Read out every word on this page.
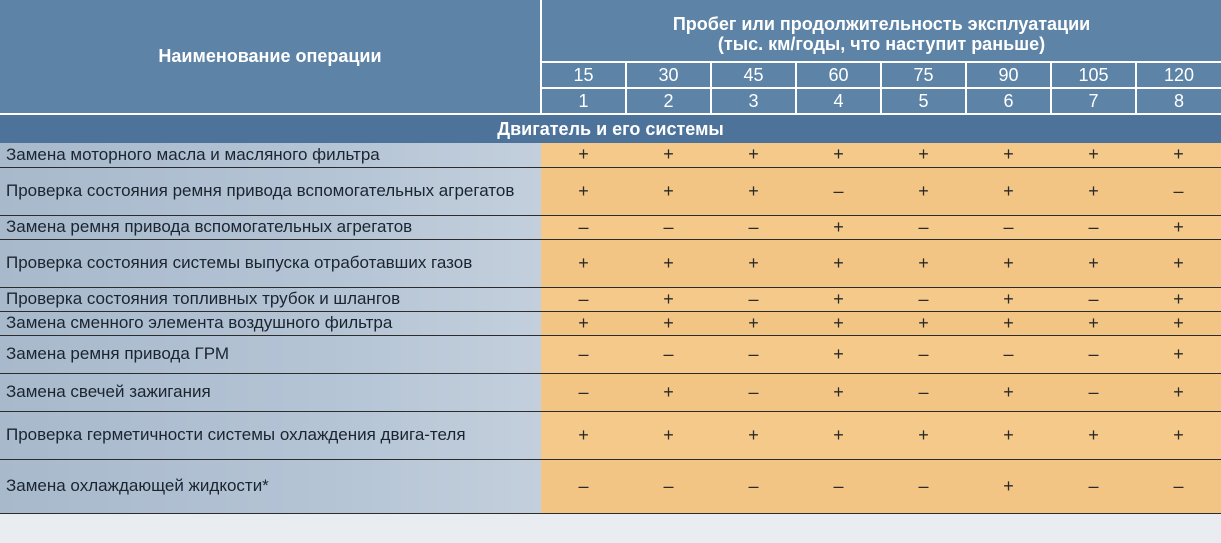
Наименование операции	Пробег или продолжительность эксплуатации
(тыс. км/годы, что наступит раньше)							

	15	30	45	60	75	90	105	120
	1	2	3	4	5	6	7	8
Двигатель и его системы								
Замена моторного масла и масляного фильтра	+	+	+	+	+	+	+	+
Проверка состояния ремня привода вспомогательных агрегатов	+	+	+	–	+	+	+	–
Замена ремня привода вспомогательных агрегатов	–	–	–	+	–	–	–	+
Проверка состояния системы выпуска отработавших газов	+	+	+	+	+	+	+	+
Проверка состояния топливных трубок и шлангов	–	+	–	+	–	+	–	+
Замена сменного элемента воздушного фильтра	+	+	+	+	+	+	+	+
Замена ремня привода ГРМ	–	–	–	+	–	–	–	+
Замена свечей зажигания	–	+	–	+	–	+	–	+
Проверка герметичности системы охлаждения двига-теля	+	+	+	+	+	+	+	+
Замена охлаждающей жидкости*	–	–	–	–	–	+	–	–
